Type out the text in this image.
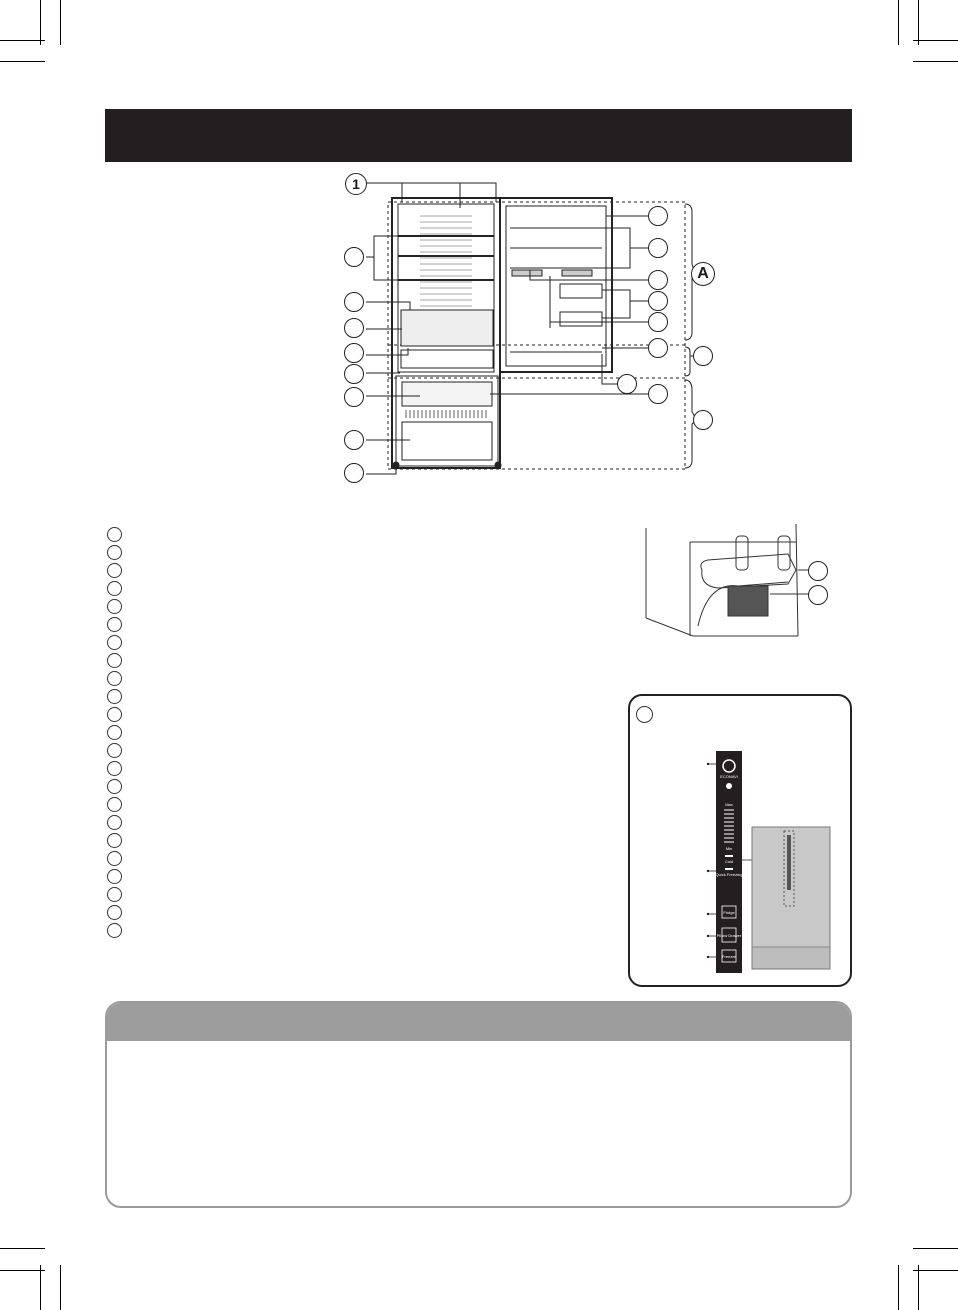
1
A
ECONAVI
Max
Min
Cold
Quick Freezing
Fridge
Pillow Drawer
Freezer
